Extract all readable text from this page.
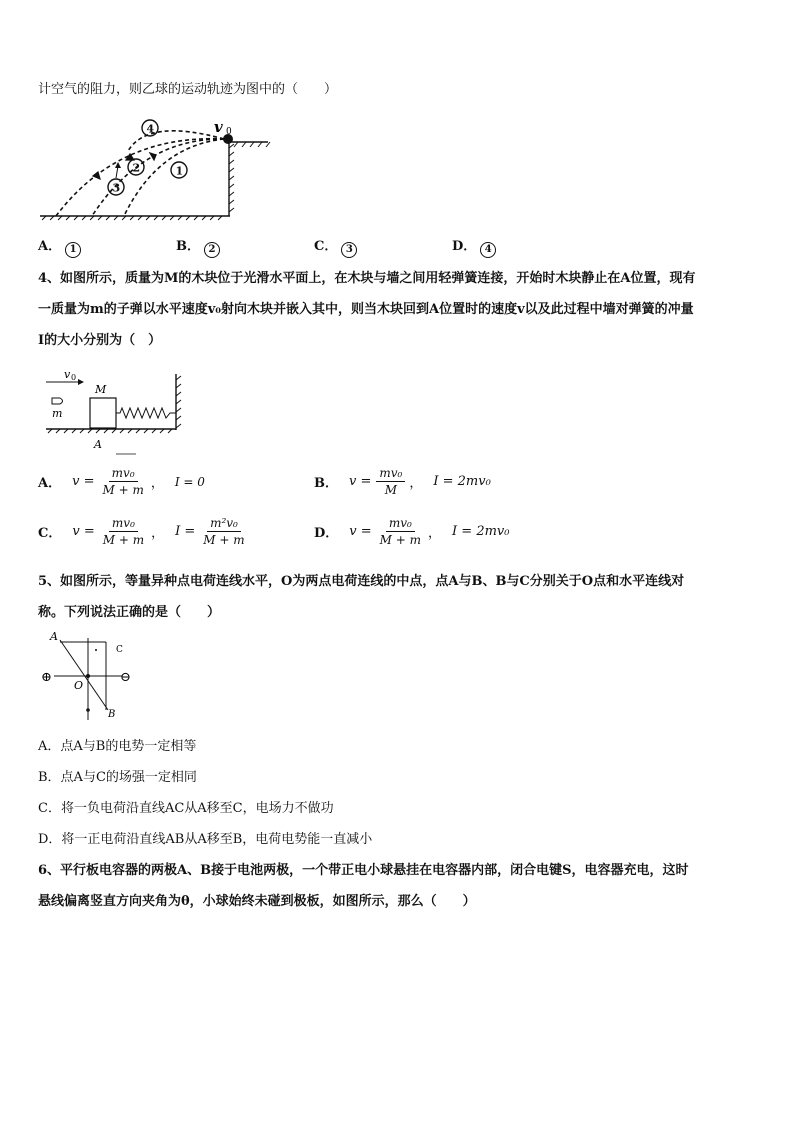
计空气的阻力，则乙球的运动轨迹为图中的（　　）
v 0
4
2	1
3
A． 1	B． 2	C． 3	D． 4
4、如图所示，质量为M的木块位于光滑水平面上，在木块与墙之间用轻弹簧连接，开始时木块静止在A位置，现有
一质量为m的子弹以水平速度v₀射向木块并嵌入其中，则当木块回到A位置时的速度v以及此过程中墙对弹簧的冲量
I的大小分别为（　）
v 0
m
M
A
A． $v = \frac{\text{mv₀}}{M + m}$ ， I = 0	B． $v = \frac{\text{mv₀}}{M}$ ， I = 2mv₀
C． $v = \frac{\text{mv₀}}{M + m}$ ， $I = \frac{\text{m²v₀}}{M + m}$	D． $v = \frac{\text{mv₀}}{M + m}$ ， I = 2mv₀
5、如图所示，等量异种点电荷连线水平，O为两点电荷连线的中点，点A与B、B与C分别关于O点和水平连线对
称。下列说法正确的是（　　）
A
C
B
O
⊕	⊖
A．点A与B的电势一定相等
B．点A与C的场强一定相同
C．将一负电荷沿直线AC从A移至C，电场力不做功
D．将一正电荷沿直线AB从A移至B，电荷电势能一直减小
6、平行板电容器的两极A、B接于电池两极，一个带正电小球悬挂在电容器内部，闭合电键S，电容器充电，这时
悬线偏离竖直方向夹角为θ，小球始终未碰到极板，如图所示，那么（　　）
